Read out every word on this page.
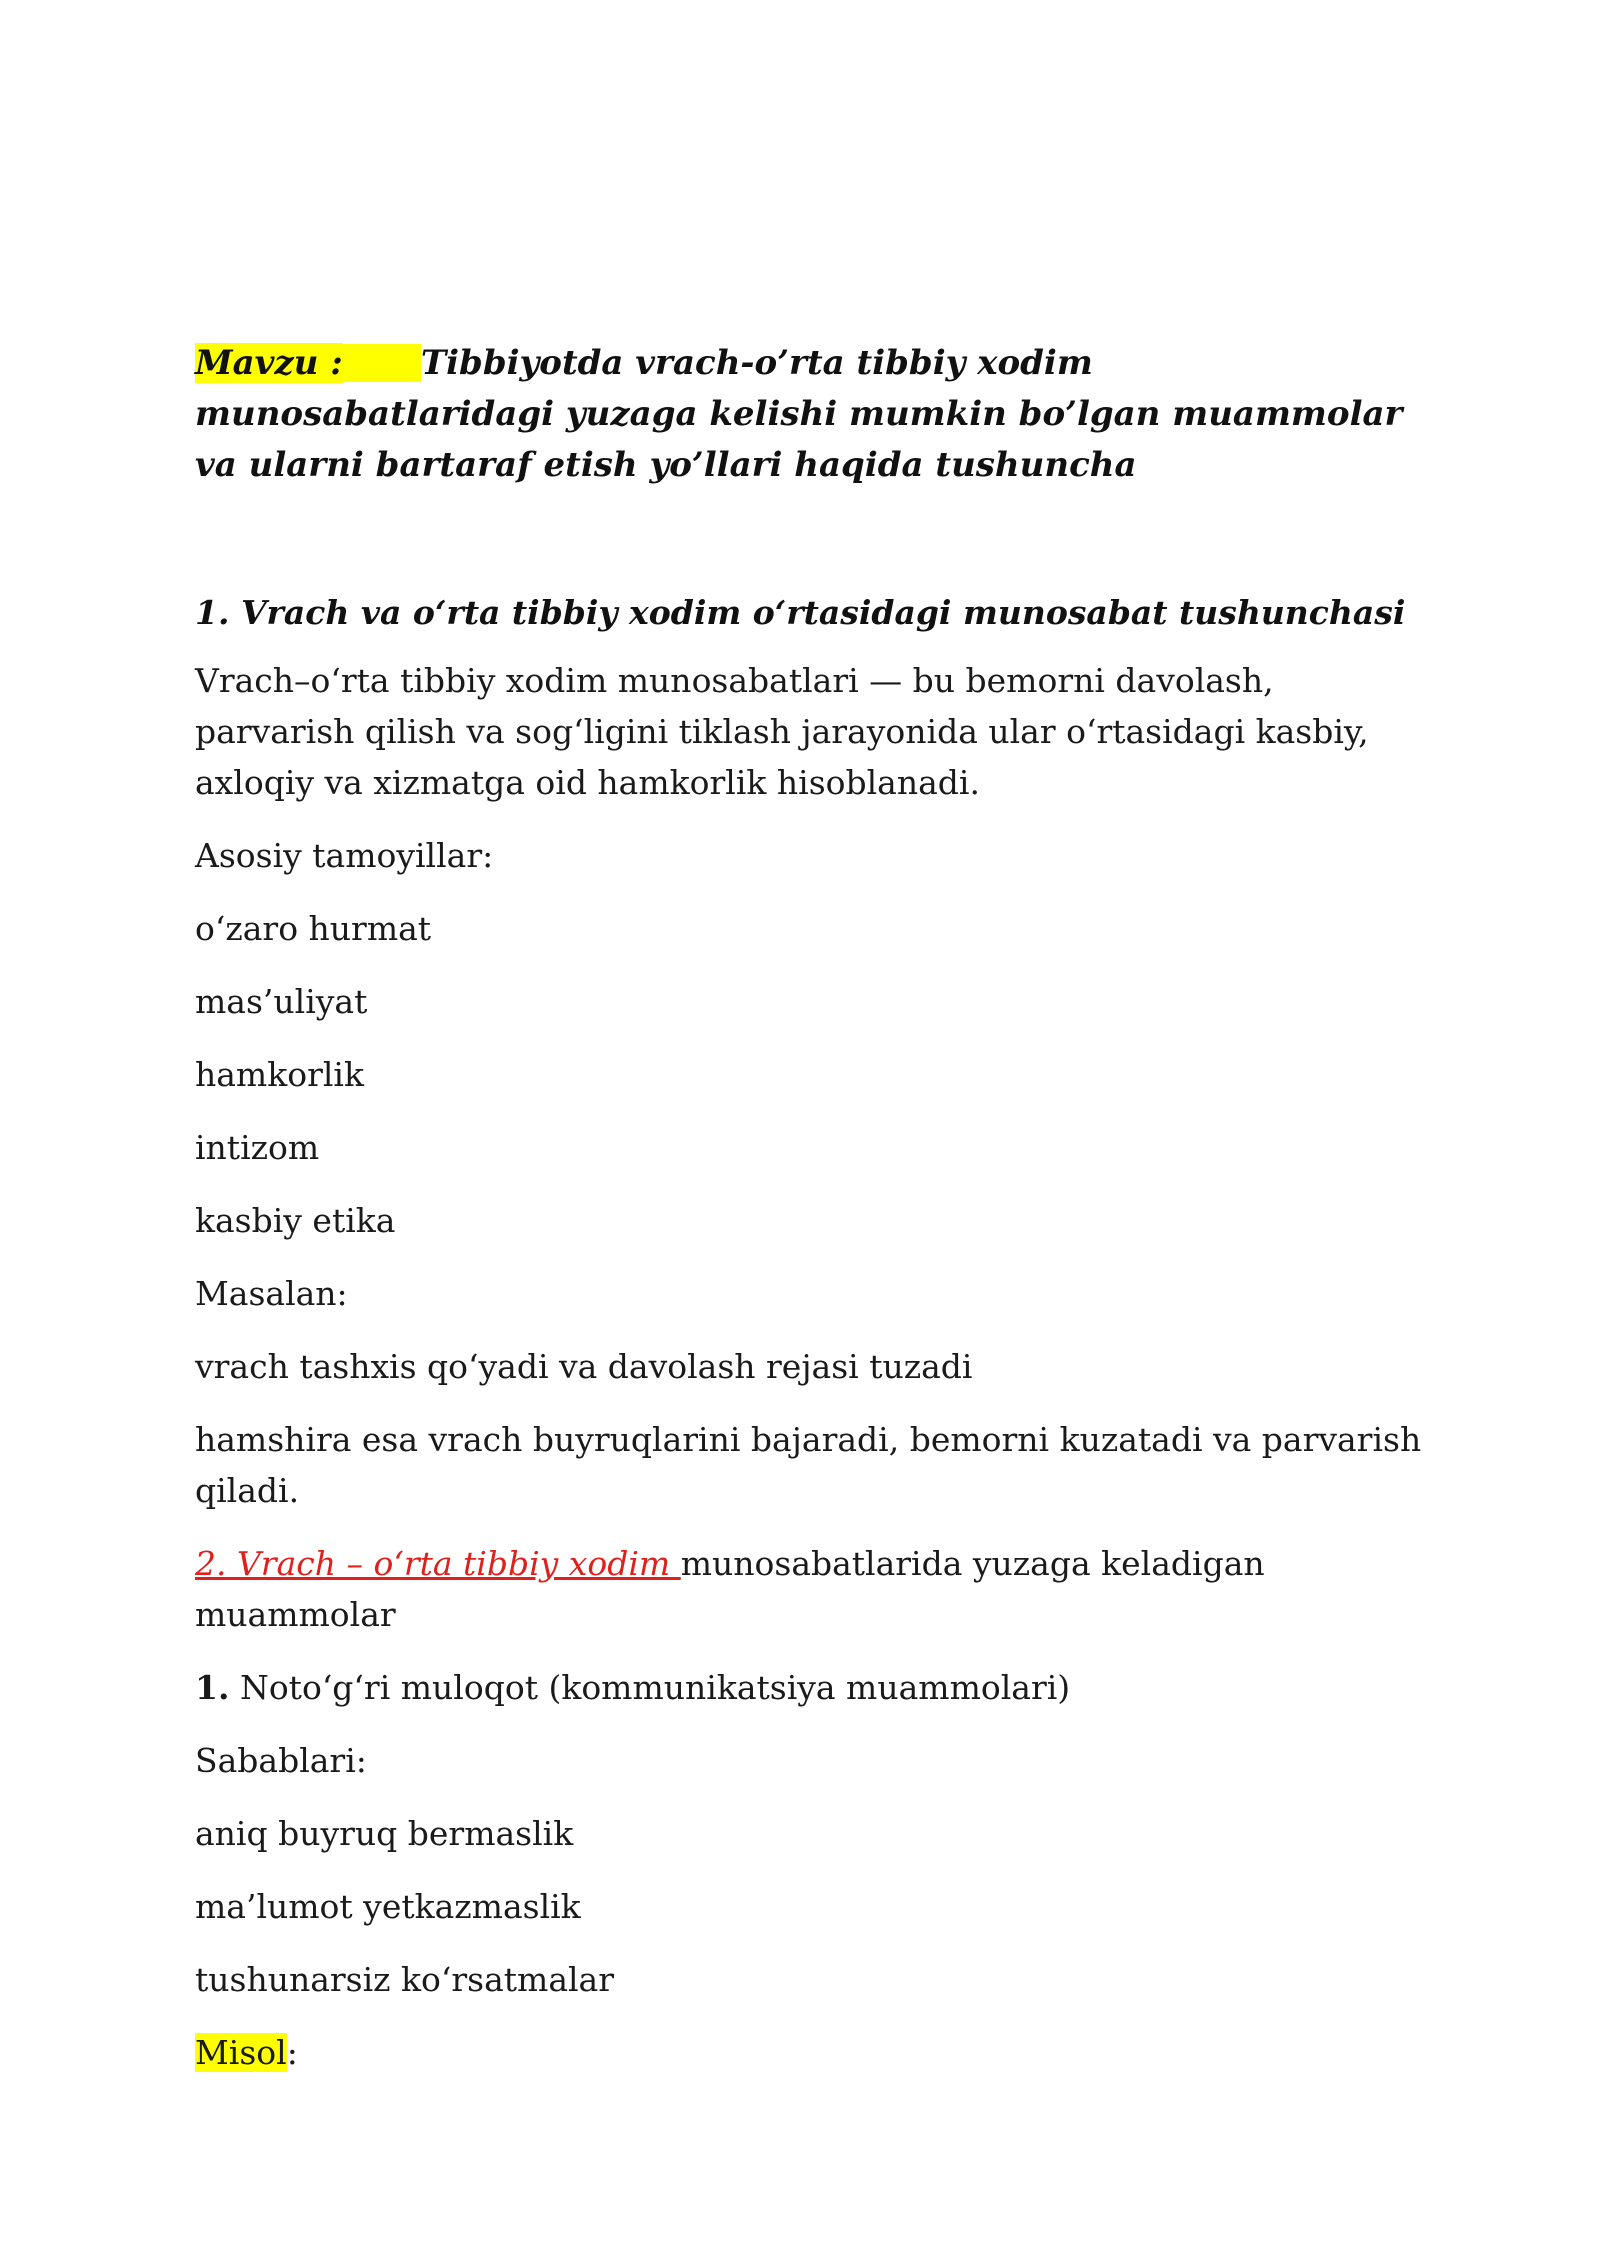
Mavzu : Tibbiyotda vrach-o’rta tibbiy xodim munosabatlaridagi yuzaga kelishi mumkin bo’lgan muammolar va ularni bartaraf etish yo’llari haqida tushuncha

1. Vrach va o‘rta tibbiy xodim o‘rtasidagi munosabat tushunchasi

Vrach–o‘rta tibbiy xodim munosabatlari — bu bemorni davolash, parvarish qilish va sog‘ligini tiklash jarayonida ular o‘rtasidagi kasbiy, axloqiy va xizmatga oid hamkorlik hisoblanadi.

Asosiy tamoyillar:

o‘zaro hurmat

mas’uliyat

hamkorlik

intizom

kasbiy etika

Masalan:

vrach tashxis qo‘yadi va davolash rejasi tuzadi

hamshira esa vrach buyruqlarini bajaradi, bemorni kuzatadi va parvarish qiladi.

2. Vrach – o‘rta tibbiy xodim munosabatlarida yuzaga keladigan muammolar

1. Noto‘g‘ri muloqot (kommunikatsiya muammolari)

Sabablari:

aniq buyruq bermaslik

ma’lumot yetkazmaslik

tushunarsiz ko‘rsatmalar

Misol:
